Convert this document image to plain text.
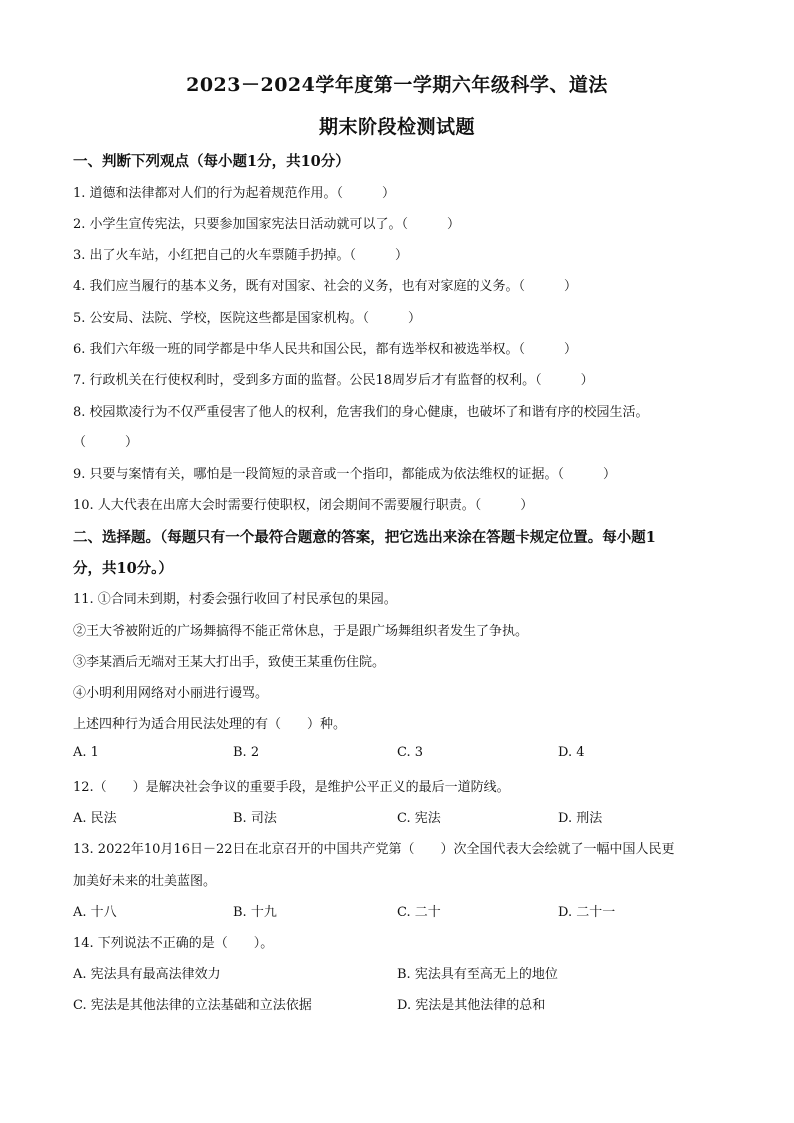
2023－2024学年度第一学期六年级科学、道法
期末阶段检测试题
一、判断下列观点（每小题1分，共10分）
1. 道德和法律都对人们的行为起着规范作用。（　　　）
2. 小学生宣传宪法，只要参加国家宪法日活动就可以了。（　　　）
3. 出了火车站，小红把自己的火车票随手扔掉。（　　　）
4. 我们应当履行的基本义务，既有对国家、社会的义务，也有对家庭的义务。（　　　）
5. 公安局、法院、学校，医院这些都是国家机构。（　　　）
6. 我们六年级一班的同学都是中华人民共和国公民，都有选举权和被选举权。（　　　）
7. 行政机关在行使权利时，受到多方面的监督。公民18周岁后才有监督的权利。（　　　）
8. 校园欺凌行为不仅严重侵害了他人的权利，危害我们的身心健康，也破坏了和谐有序的校园生活。
（　　　）
9. 只要与案情有关，哪怕是一段简短的录音或一个指印，都能成为依法维权的证据。（　　　）
10. 人大代表在出席大会时需要行使职权，闭会期间不需要履行职责。（　　　）
二、选择题。（每题只有一个最符合题意的答案，把它选出来涂在答题卡规定位置。每小题1
分，共10分。）
11. ①合同未到期，村委会强行收回了村民承包的果园。
②王大爷被附近的广场舞搞得不能正常休息，于是跟广场舞组织者发生了争执。
③李某酒后无端对王某大打出手，致使王某重伤住院。
④小明利用网络对小丽进行谩骂。
上述四种行为适合用民法处理的有（　　）种。
A. 1	B. 2	C. 3	D. 4
12.（　　）是解决社会争议的重要手段，是维护公平正义的最后一道防线。
A. 民法	B. 司法	C. 宪法	D. 刑法
13. 2022年10月16日－22日在北京召开的中国共产党第（　　）次全国代表大会绘就了一幅中国人民更
加美好未来的壮美蓝图。
A. 十八	B. 十九	C. 二十	D. 二十一
14. 下列说法不正确的是（　　）。
A. 宪法具有最高法律效力	B. 宪法具有至高无上的地位
C. 宪法是其他法律的立法基础和立法依据	D. 宪法是其他法律的总和
